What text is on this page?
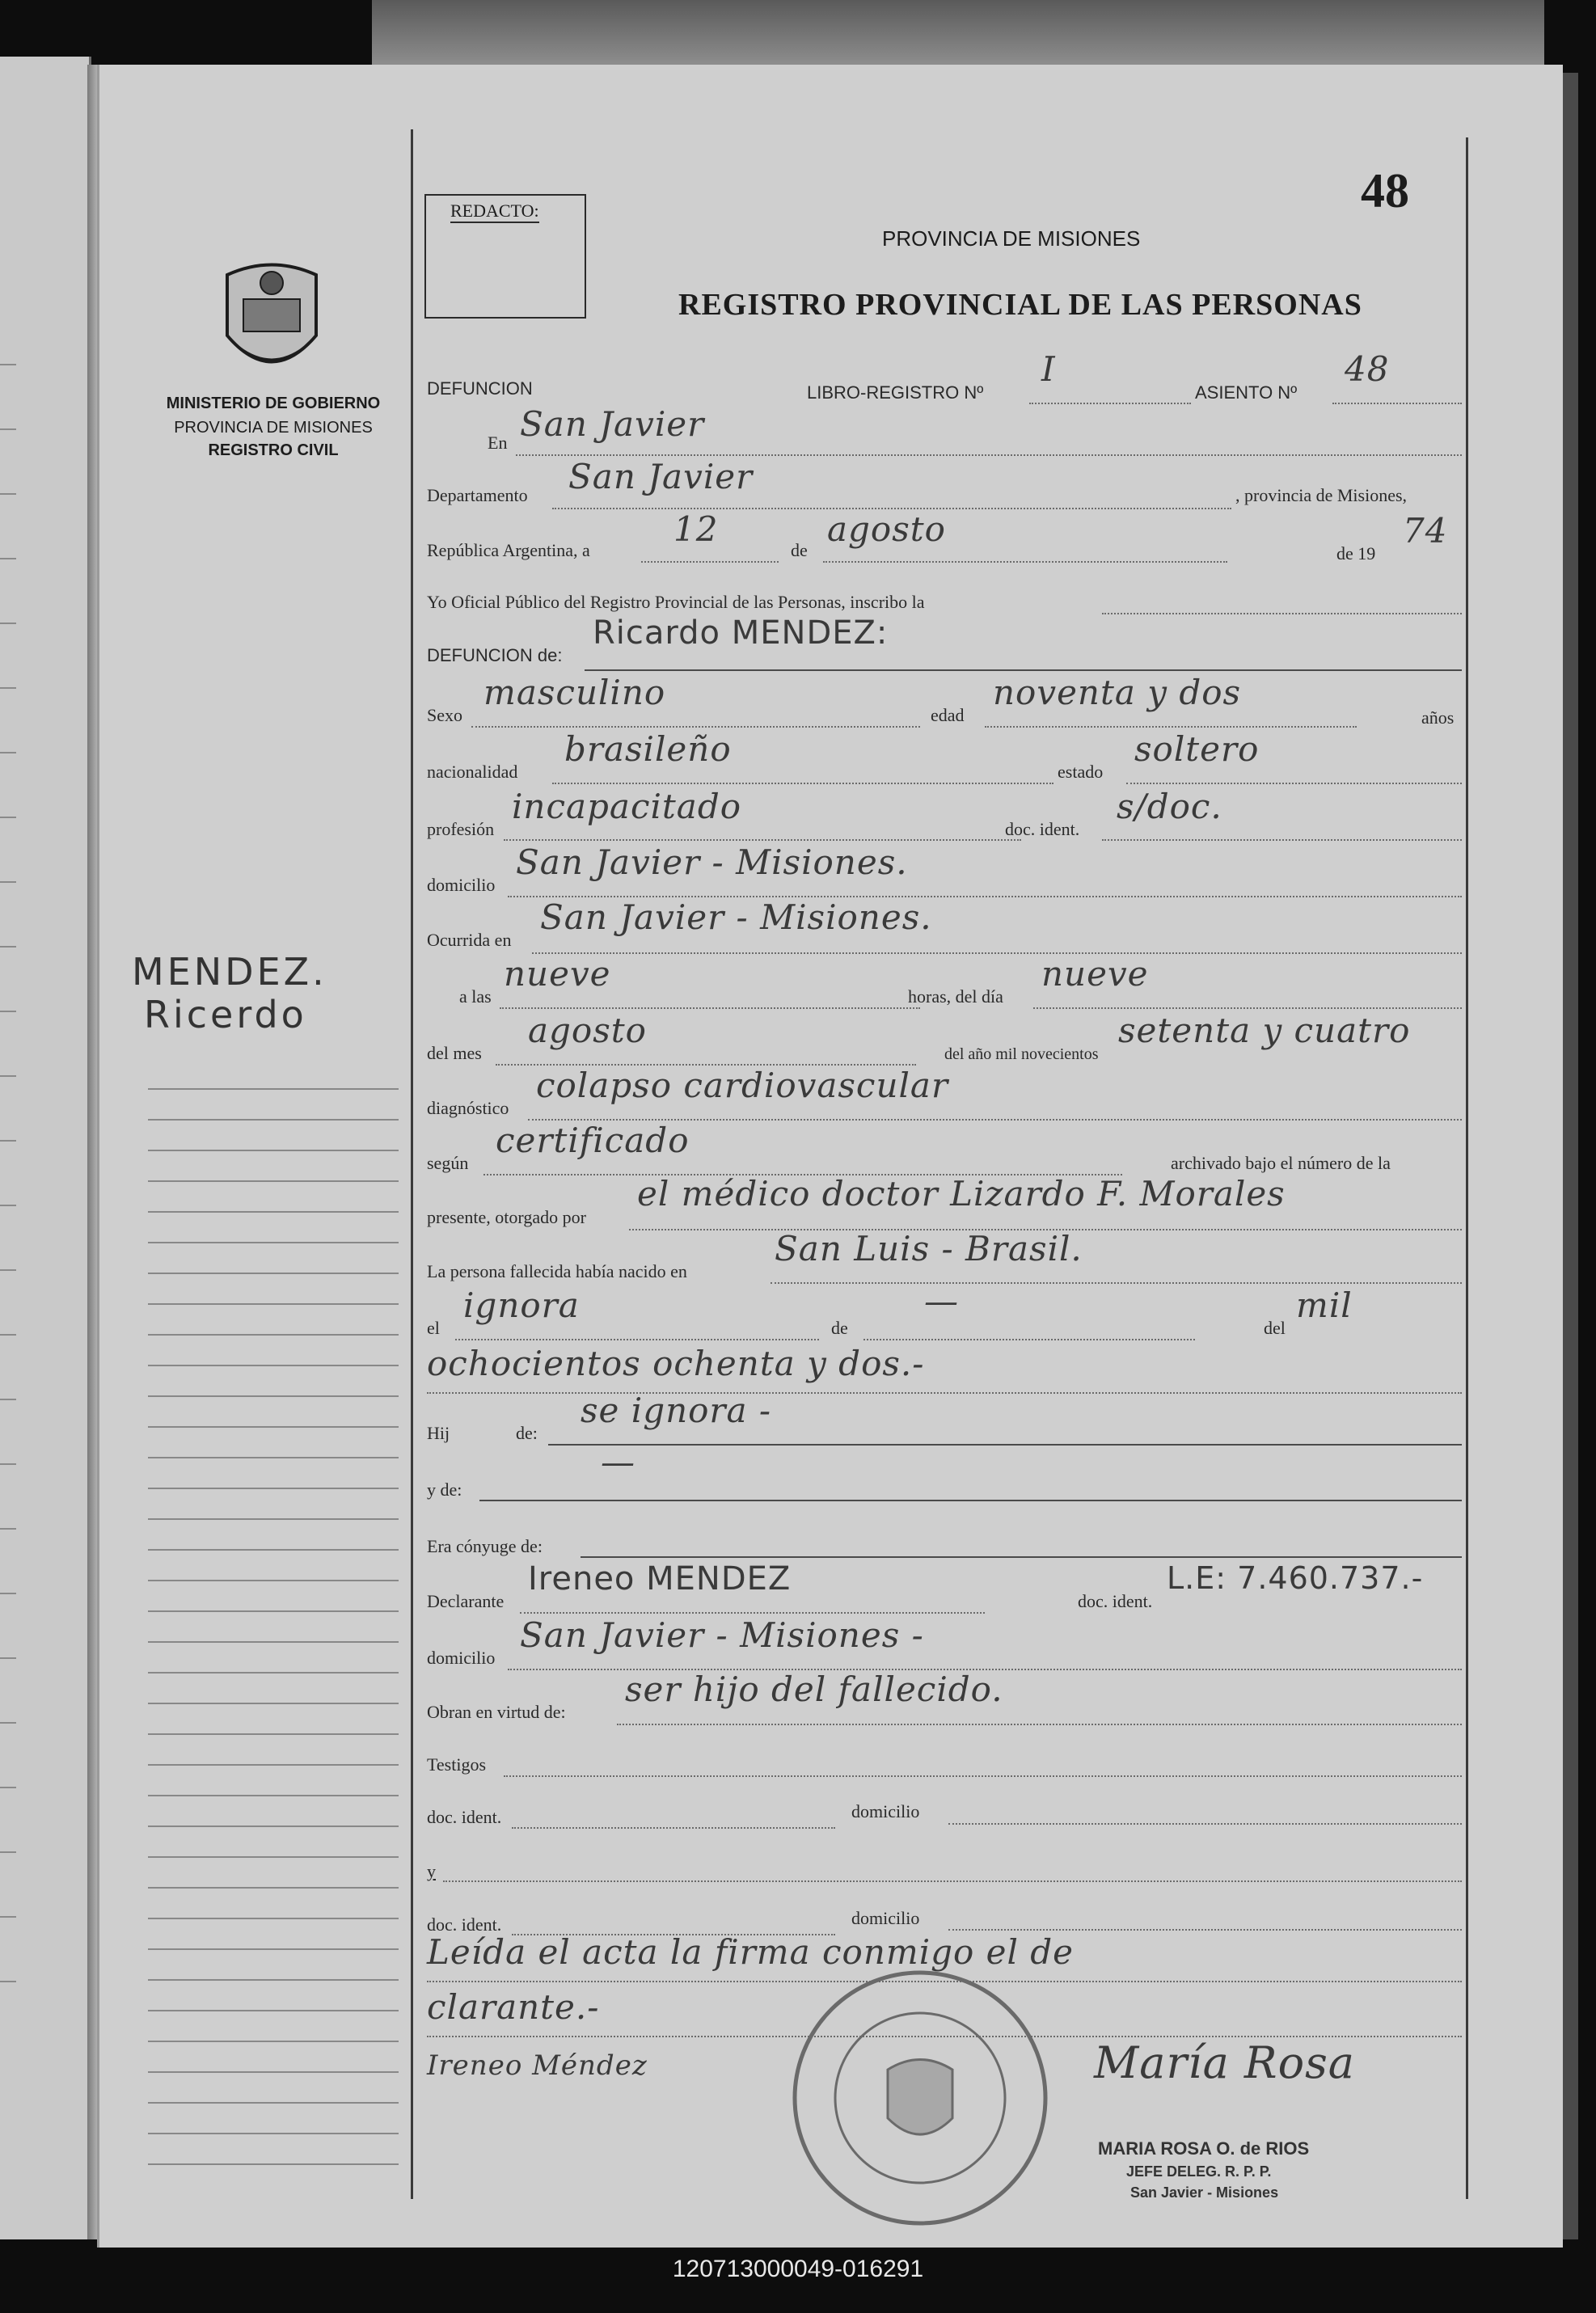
48
REDACTO:
PROVINCIA DE MISIONES
REGISTRO PROVINCIAL DE LAS PERSONAS
MINISTERIO DE GOBIERNO
PROVINCIA DE MISIONES
REGISTRO CIVIL
MENDEZ.
Ricerdo
DEFUNCION	LIBRO-REGISTRO Nº
I
ASIENTO Nº
48
En San Javier
Departamento San Javier	, provincia de Misiones,
República Argentina, a
12
de
agosto
de 19
74
Yo Oficial Público del Registro Provincial de las Personas, inscribo la
DEFUNCION de:
Ricardo MENDEZ:
Sexo
masculino
edad
noventa y dos
años
nacionalidad
brasileño
estado
soltero
profesión
incapacitado
doc. ident.
s/doc.
domicilio
San Javier - Misiones.
Ocurrida en
San Javier - Misiones.
a las
nueve
horas, del día
nueve
del mes
agosto
del año mil novecientos
setenta y cuatro
diagnóstico
colapso cardiovascular
según
certificado
archivado bajo el número de la
presente, otorgado por
el médico doctor Lizardo F. Morales
La persona fallecida había nacido en
San Luis - Brasil.
el
ignora
de
—
del
mil
ochocientos ochenta y dos.-
Hij	de:
se ignora -
y de:
—
Era cónyuge de:
Declarante
Ireneo MENDEZ
doc. ident.
L.E: 7.460.737.-
domicilio
San Javier - Misiones -
Obran en virtud de:
ser hijo del fallecido.
Testigos
doc. ident.	domicilio
y
doc. ident.	domicilio
Leída el acta la firma conmigo el de
clarante.-
Ireneo Méndez	María Rosa
MARIA ROSA O. de RIOS
JEFE DELEG. R. P. P.
San Javier - Misiones
120713000049-016291
